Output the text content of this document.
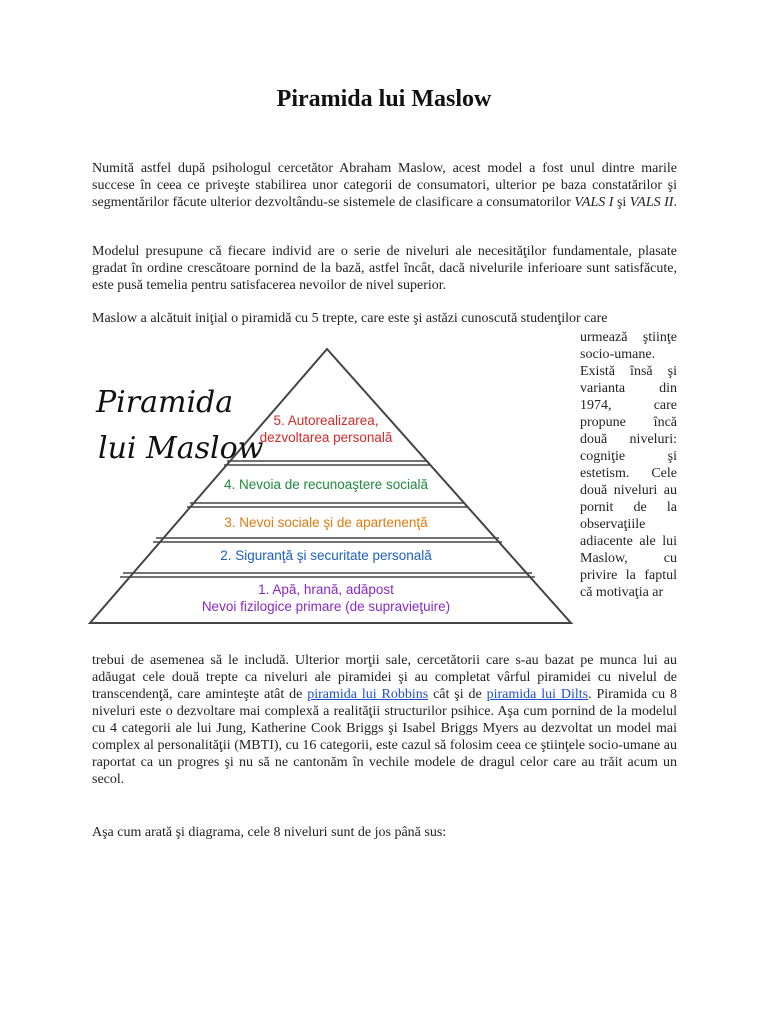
Piramida lui Maslow

Numită astfel după psihologul cercetător Abraham Maslow, acest model a fost unul dintre marile succese în ceea ce priveşte stabilirea unor categorii de consumatori, ulterior pe baza constatărilor şi segmentărilor făcute ulterior dezvoltându-se sistemele de clasificare a consumatorilor VALS I şi VALS II.

Modelul presupune că fiecare individ are o serie de niveluri ale necesităţilor fundamentale, plasate gradat în ordine crescătoare pornind de la bază, astfel încât, dacă nivelurile inferioare sunt satisfăcute, este pusă temelia pentru satisfacerea nevoilor de nivel superior.

Maslow a alcătuit iniţial o piramidă cu 5 trepte, care este şi astăzi cunoscută studenţilor care

urmează ştiinţe socio-umane. Există însă şi varianta din 1974, care propune încă două niveluri: cogniţie şi estetism. Cele două niveluri au pornit de la observaţiile adiacente ale lui Maslow, cu privire la faptul că motivaţia ar

Piramida
lui Maslow
5. Autorealizarea,
dezvoltarea personală
4. Nevoia de recunoaştere socială
3. Nevoi sociale şi de apartenenţă
2. Siguranţă şi securitate personală
1. Apă, hrană, adăpost
Nevoi fizilogice primare (de supravieţuire)

trebui de asemenea să le includă. Ulterior morţii sale, cercetătorii care s-au bazat pe munca lui au adăugat cele două trepte ca niveluri ale piramidei şi au completat vârful piramidei cu nivelul de transcendenţă, care aminteşte atât de piramida lui Robbins cât şi de piramida lui Dilts. Piramida cu 8 niveluri este o dezvoltare mai complexă a realităţii structurilor psihice. Aşa cum pornind de la modelul cu 4 categorii ale lui Jung, Katherine Cook Briggs şi Isabel Briggs Myers au dezvoltat un model mai complex al personalităţii (MBTI), cu 16 categorii, este cazul să folosim ceea ce ştiinţele socio-umane au raportat ca un progres şi nu să ne cantonăm în vechile modele de dragul celor care au trăit acum un secol.

Aşa cum arată şi diagrama, cele 8 niveluri sunt de jos până sus:
